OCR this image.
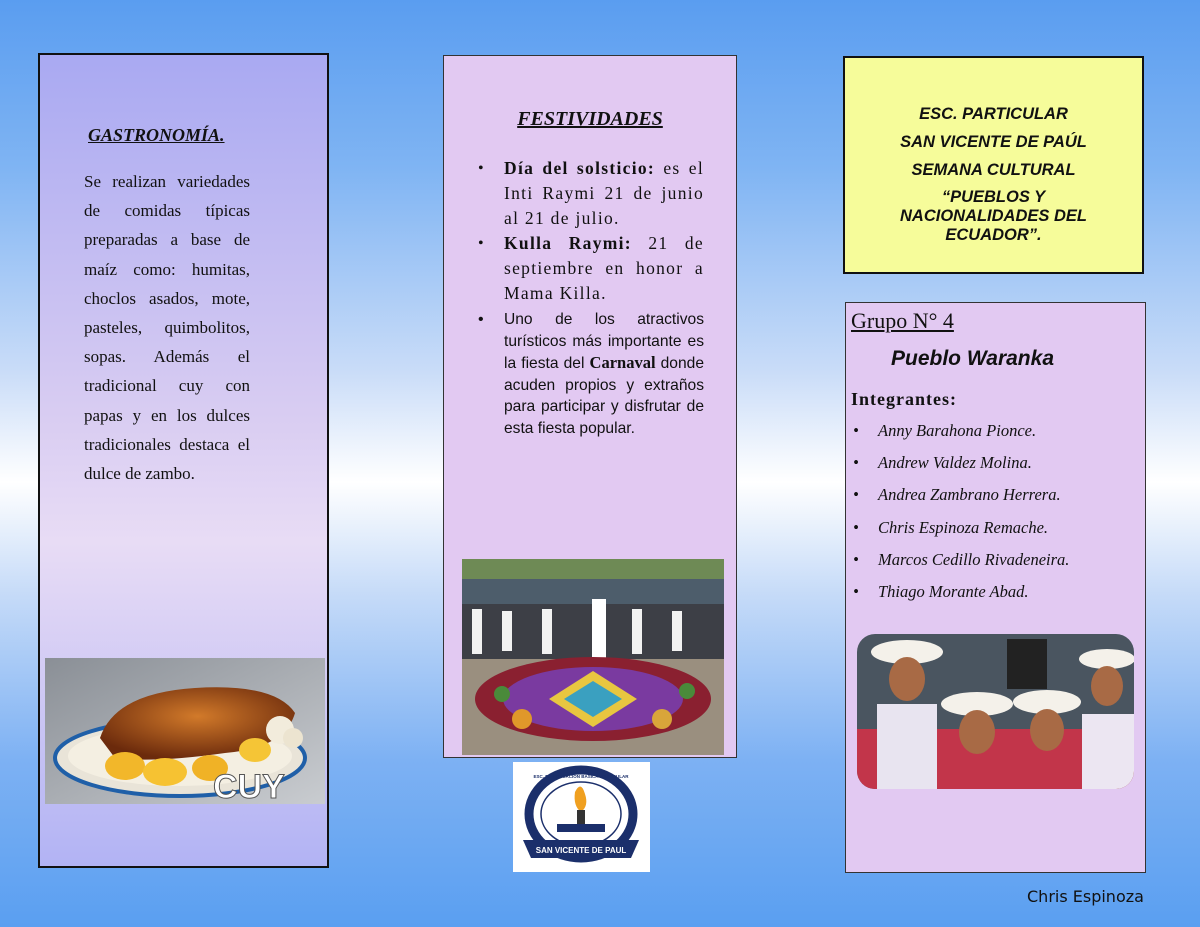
GASTRONOMÍA.

Se realizan variedades de comidas típicas preparadas a base de maíz como: humitas, choclos asados, mote, pasteles, quimbolitos, sopas. Además el tradicional cuy con papas y en los dulces tradicionales destaca el dulce de zambo.

CUY
FESTIVIDADES
• Día del solsticio: es el Inti Raymi 21 de junio al 21 de julio.
• Kulla Raymi: 21 de septiembre en honor a Mama Killa.
• Uno de los atractivos turísticos más importante es la fiesta del Carnaval donde acuden propios y extraños para participar y disfrutar de esta fiesta popular.
SAN VICENTE DE PAUL
ESC. DE EDUCACIÓN BÁSICA PARTICULAR
ESC. PARTICULAR
SAN VICENTE DE PAÚL
SEMANA CULTURAL
“PUEBLOS Y
NACIONALIDADES DEL
ECUADOR”.
Grupo N° 4
Pueblo Waranka
Integrantes:
• Anny Barahona Pionce.
• Andrew Valdez Molina.
• Andrea Zambrano Herrera.
• Chris Espinoza Remache.
• Marcos Cedillo Rivadeneira.
• Thiago Morante Abad.
Chris Espinoza
